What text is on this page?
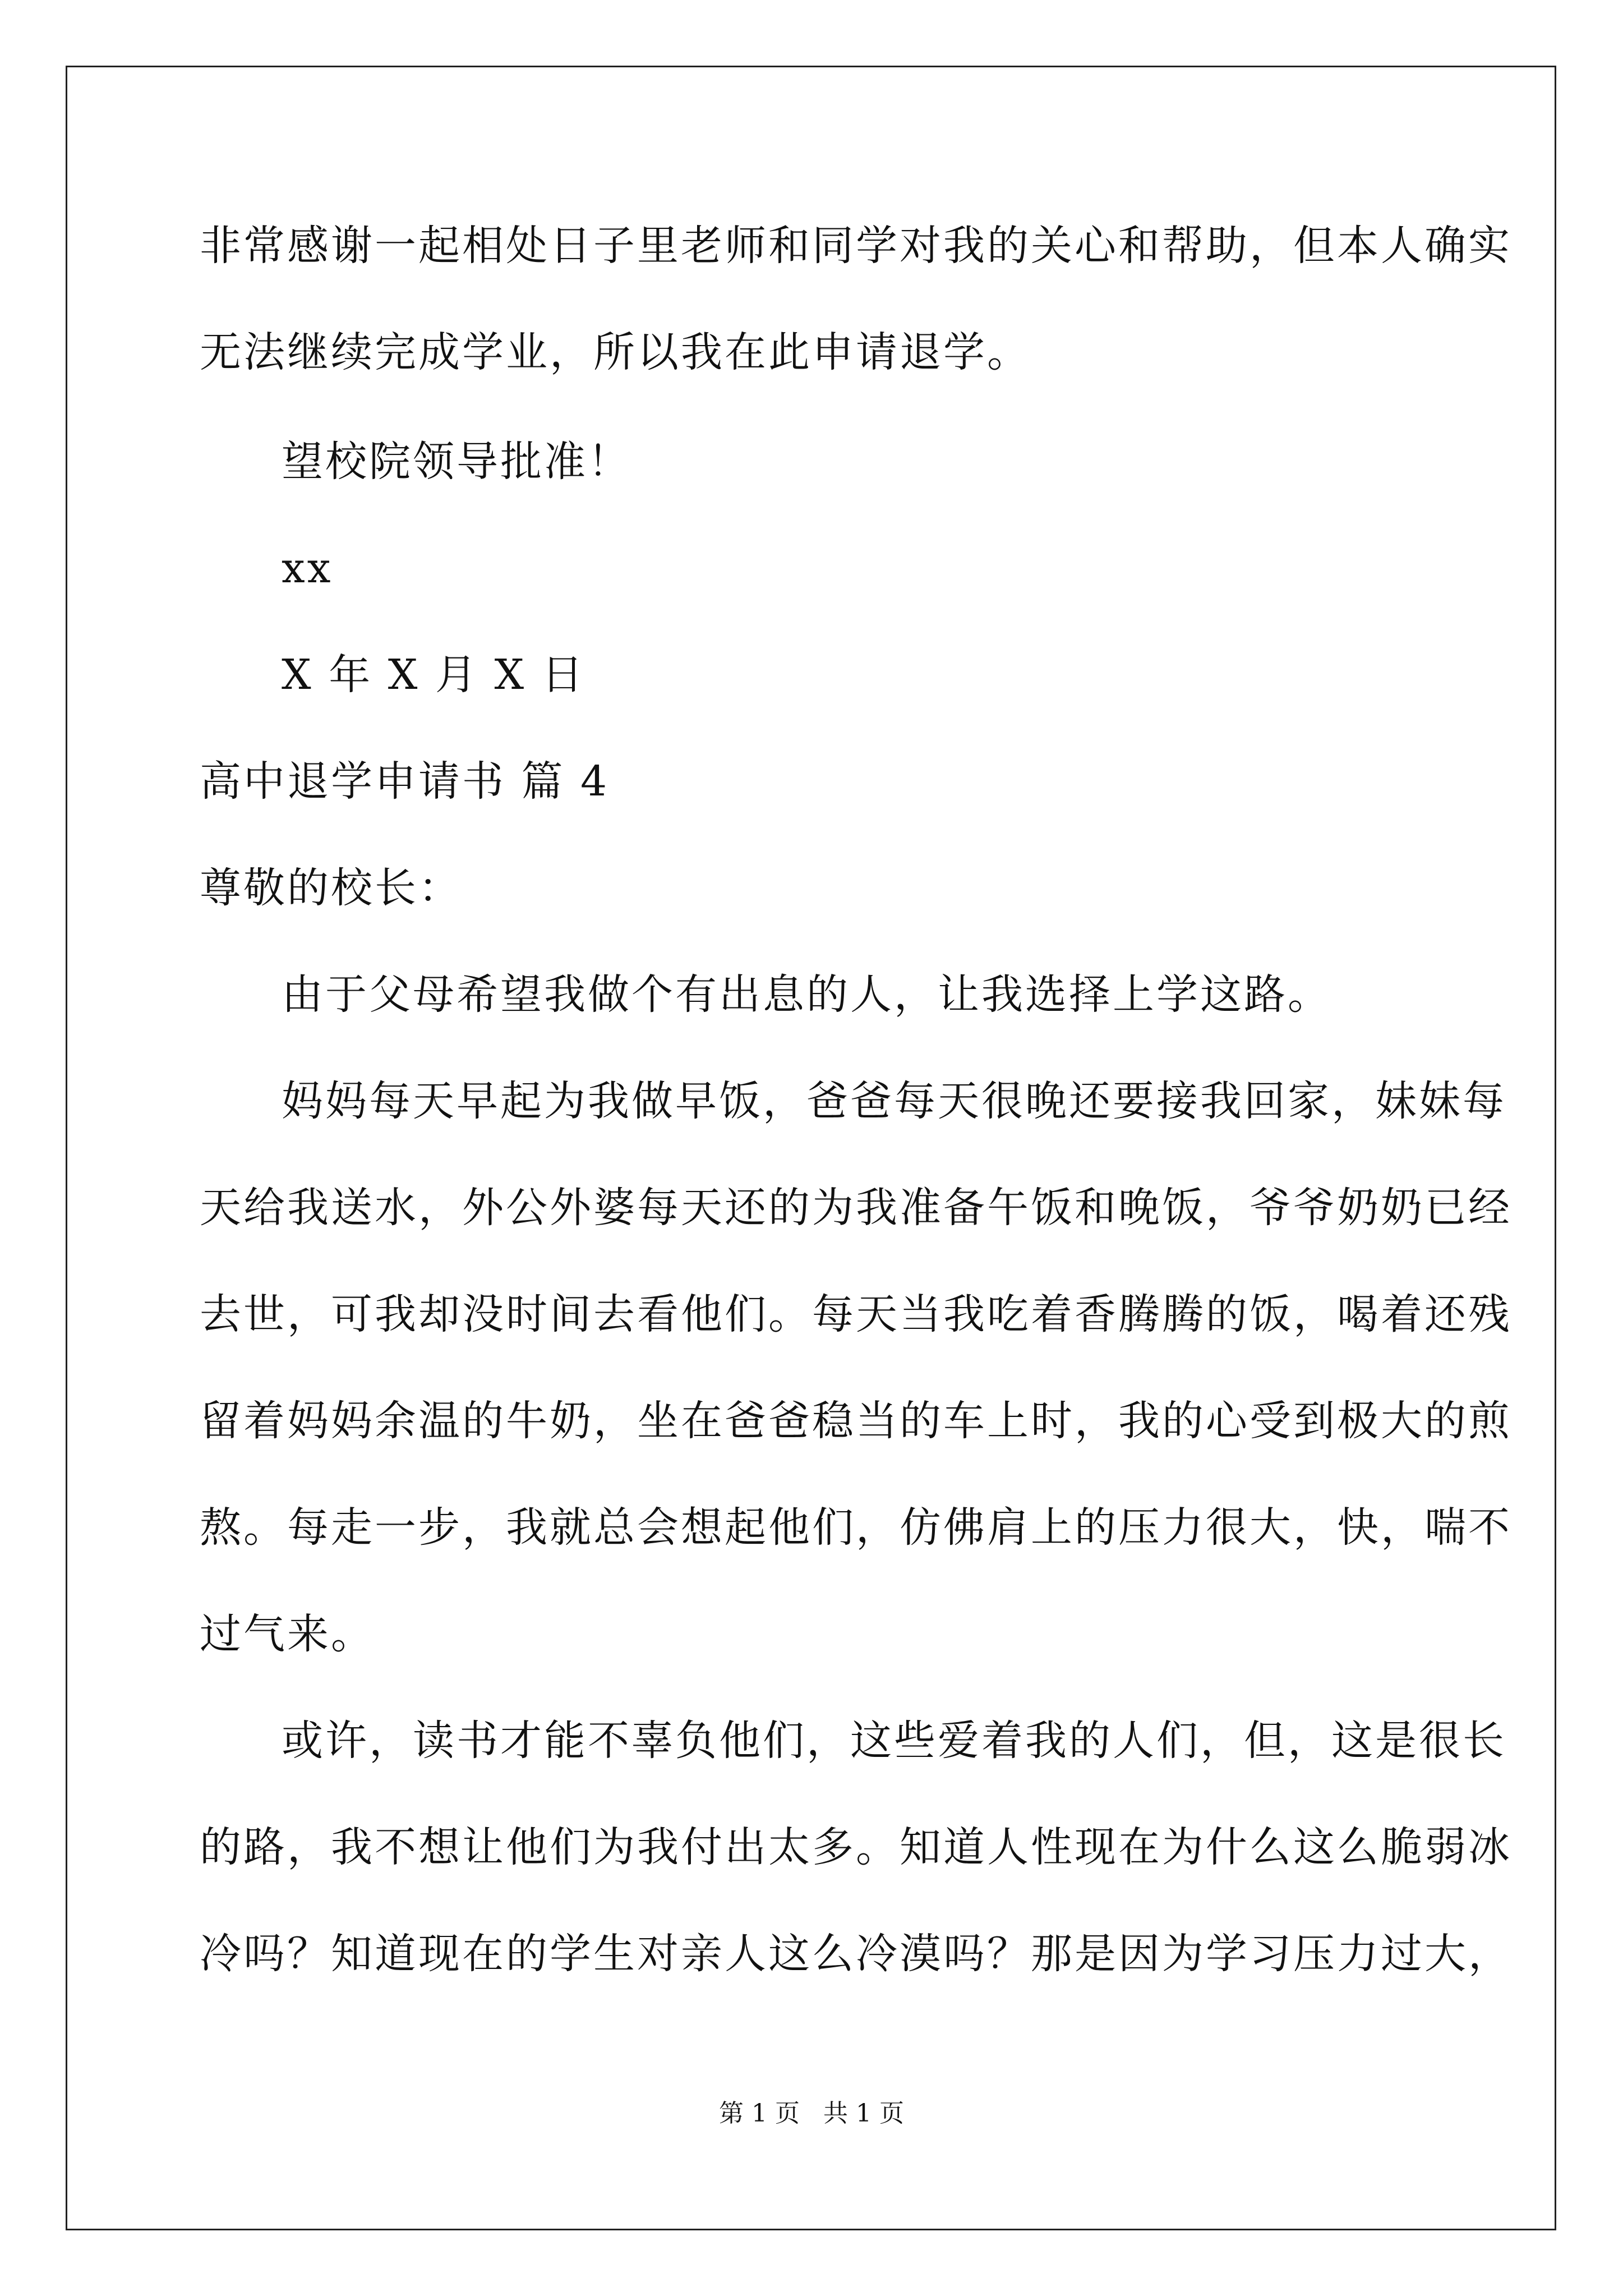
非常感谢一起相处日子里老师和同学对我的关心和帮助，但本人确实
无法继续完成学业，所以我在此申请退学。
望校院领导批准！
xx
X 年 X 月 X 日
高中退学申请书 篇 4
尊敬的校长：
由于父母希望我做个有出息的人，让我选择上学这路。
妈妈每天早起为我做早饭，爸爸每天很晚还要接我回家，妹妹每
天给我送水，外公外婆每天还的为我准备午饭和晚饭，爷爷奶奶已经
去世，可我却没时间去看他们。每天当我吃着香腾腾的饭，喝着还残
留着妈妈余温的牛奶，坐在爸爸稳当的车上时，我的心受到极大的煎
熬。每走一步，我就总会想起他们，仿佛肩上的压力很大，快，喘不
过气来。
或许，读书才能不辜负他们，这些爱着我的人们，但，这是很长
的路，我不想让他们为我付出太多。知道人性现在为什么这么脆弱冰
冷吗？知道现在的学生对亲人这么冷漠吗？那是因为学习压力过大，
第 1 页   共 1 页
